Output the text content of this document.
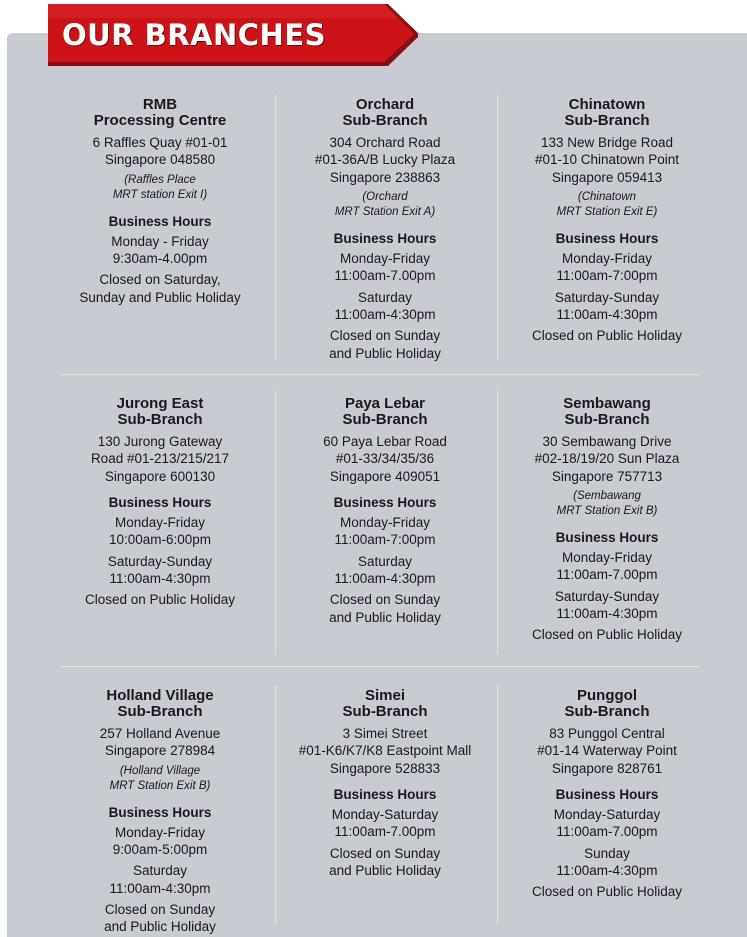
OUR BRANCHES
RMB
Processing Centre
6 Raffles Quay #01-01
Singapore 048580
(Raffles Place
MRT station Exit I)
Business Hours
Monday - Friday
9:30am-4.00pm
Closed on Saturday,
Sunday and Public Holiday
Orchard
Sub-Branch
304 Orchard Road
#01-36A/B Lucky Plaza
Singapore 238863
(Orchard
MRT Station Exit A)
Business Hours
Monday-Friday
11:00am-7.00pm
Saturday
11:00am-4:30pm
Closed on Sunday
and Public Holiday
Chinatown
Sub-Branch
133 New Bridge Road
#01-10 Chinatown Point
Singapore 059413
(Chinatown
MRT Station Exit E)
Business Hours
Monday-Friday
11:00am-7:00pm
Saturday-Sunday
11:00am-4:30pm
Closed on Public Holiday
Jurong East
Sub-Branch
130 Jurong Gateway
Road #01-213/215/217
Singapore 600130
Business Hours
Monday-Friday
10:00am-6:00pm
Saturday-Sunday
11:00am-4:30pm
Closed on Public Holiday
Paya Lebar
Sub-Branch
60 Paya Lebar Road
#01-33/34/35/36
Singapore 409051
Business Hours
Monday-Friday
11:00am-7:00pm
Saturday
11:00am-4:30pm
Closed on Sunday
and Public Holiday
Sembawang
Sub-Branch
30 Sembawang Drive
#02-18/19/20 Sun Plaza
Singapore 757713
(Sembawang
MRT Station Exit B)
Business Hours
Monday-Friday
11:00am-7.00pm
Saturday-Sunday
11:00am-4:30pm
Closed on Public Holiday
Holland Village
Sub-Branch
257 Holland Avenue
Singapore 278984
(Holland Village
MRT Station Exit B)
Business Hours
Monday-Friday
9:00am-5:00pm
Saturday
11:00am-4:30pm
Closed on Sunday
and Public Holiday
Simei
Sub-Branch
3 Simei Street
#01-K6/K7/K8 Eastpoint Mall
Singapore 528833
Business Hours
Monday-Saturday
11:00am-7.00pm
Closed on Sunday
and Public Holiday
Punggol
Sub-Branch
83 Punggol Central
#01-14 Waterway Point
Singapore 828761
Business Hours
Monday-Saturday
11:00am-7.00pm
Sunday
11:00am-4:30pm
Closed on Public Holiday
